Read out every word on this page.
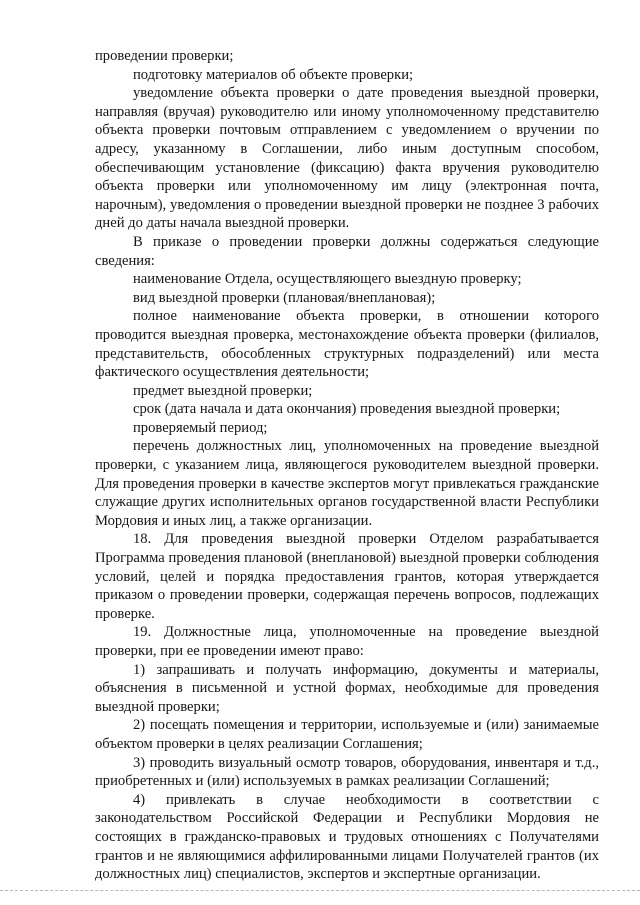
проведении проверки;

подготовку материалов об объекте проверки;

уведомление объекта проверки о дате проведения выездной проверки, направляя (вручая) руководителю или иному уполномоченному представителю объекта проверки почтовым отправлением с уведомлением о вручении по адресу, указанному в Соглашении, либо иным доступным способом, обеспечивающим установление (фиксацию) факта вручения руководителю объекта проверки или уполномоченному им лицу (электронная почта, нарочным), уведомления о проведении выездной проверки не позднее 3 рабочих дней до даты начала выездной проверки.

В приказе о проведении проверки должны содержаться следующие сведения:

наименование Отдела, осуществляющего выездную проверку;

вид выездной проверки (плановая/внеплановая);

полное наименование объекта проверки, в отношении которого проводится выездная проверка, местонахождение объекта проверки (филиалов, представительств, обособленных структурных подразделений) или места фактического осуществления деятельности;

предмет выездной проверки;

срок (дата начала и дата окончания) проведения выездной проверки;

проверяемый период;

перечень должностных лиц, уполномоченных на проведение выездной проверки, с указанием лица, являющегося руководителем выездной проверки. Для проведения проверки в качестве экспертов могут привлекаться гражданские служащие других исполнительных органов государственной власти Республики Мордовия и иных лиц, а также организации.

18. Для проведения выездной проверки Отделом разрабатывается Программа проведения плановой (внеплановой) выездной проверки соблюдения условий, целей и порядка предоставления грантов, которая утверждается приказом о проведении проверки, содержащая перечень вопросов, подлежащих проверке.

19. Должностные лица, уполномоченные на проведение выездной проверки, при ее проведении имеют право:

1) запрашивать и получать информацию, документы и материалы, объяснения в письменной и устной формах, необходимые для проведения выездной проверки;

2) посещать помещения и территории, используемые и (или) занимаемые объектом проверки в целях реализации Соглашения;

3) проводить визуальный осмотр товаров, оборудования, инвентаря и т.д., приобретенных и (или) используемых в рамках реализации Соглашений;

4) привлекать в случае необходимости в соответствии с законодательством Российской Федерации и Республики Мордовия не состоящих в гражданско-правовых и трудовых отношениях с Получателями грантов и не являющимися аффилированными лицами Получателей грантов (их должностных лиц) специалистов, экспертов и экспертные организации.
